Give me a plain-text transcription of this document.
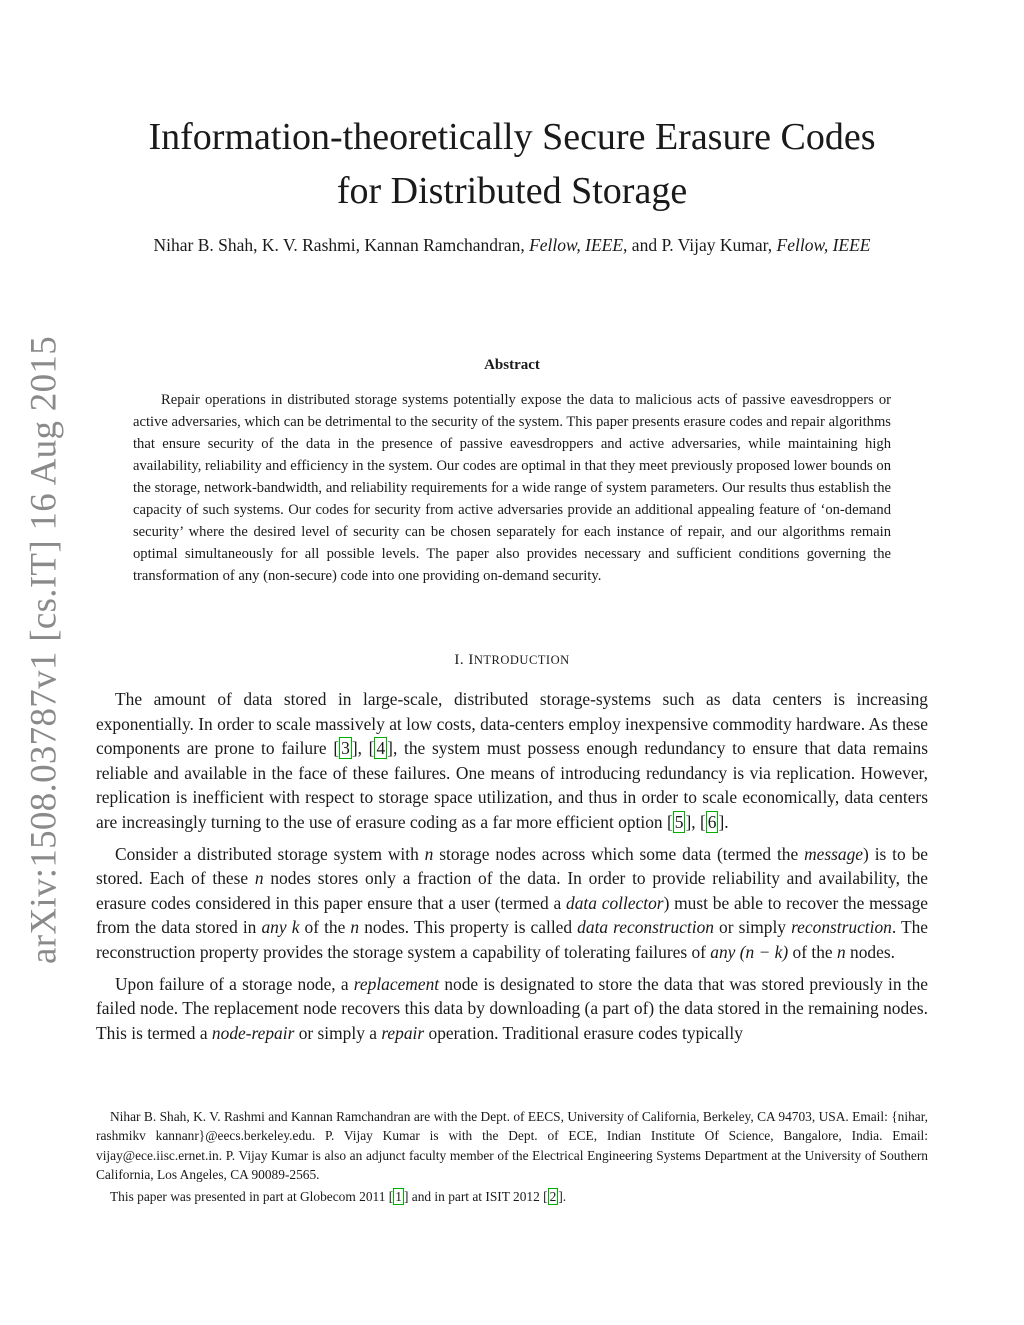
arXiv:1508.03787v1 [cs.IT] 16 Aug 2015
Information-theoretically Secure Erasure Codes
for Distributed Storage
Nihar B. Shah, K. V. Rashmi, Kannan Ramchandran, Fellow, IEEE, and P. Vijay Kumar, Fellow, IEEE
Abstract

Repair operations in distributed storage systems potentially expose the data to malicious acts of passive eavesdroppers or active adversaries, which can be detrimental to the security of the system. This paper presents erasure codes and repair algorithms that ensure security of the data in the presence of passive eavesdroppers and active adversaries, while maintaining high availability, reliability and efficiency in the system. Our codes are optimal in that they meet previously proposed lower bounds on the storage, network-bandwidth, and reliability requirements for a wide range of system parameters. Our results thus establish the capacity of such systems. Our codes for security from active adversaries provide an additional appealing feature of ‘on-demand security’ where the desired level of security can be chosen separately for each instance of repair, and our algorithms remain optimal simultaneously for all possible levels. The paper also provides necessary and sufficient conditions governing the transformation of any (non-secure) code into one providing on-demand security.

I. INTRODUCTION

The amount of data stored in large-scale, distributed storage-systems such as data centers is increasing exponentially. In order to scale massively at low costs, data-centers employ inexpensive commodity hardware. As these components are prone to failure [ 3 ], [ 4 ], the system must possess enough redundancy to ensure that data remains reliable and available in the face of these failures. One means of introducing redundancy is via replication. However, replication is inefficient with respect to storage space utilization, and thus in order to scale economically, data centers are increasingly turning to the use of erasure coding as a far more efficient option [ 5 ], [ 6 ].

Consider a distributed storage system with n storage nodes across which some data (termed the message) is to be stored. Each of these n nodes stores only a fraction of the data. In order to provide reliability and availability, the erasure codes considered in this paper ensure that a user (termed a data collector) must be able to recover the message from the data stored in any k of the n nodes. This property is called data reconstruction or simply reconstruction. The reconstruction property provides the storage system a capability of tolerating failures of any (n − k) of the n nodes.

Upon failure of a storage node, a replacement node is designated to store the data that was stored previously in the failed node. The replacement node recovers this data by downloading (a part of) the data stored in the remaining nodes. This is termed a node-repair or simply a repair operation. Traditional erasure codes typically

Nihar B. Shah, K. V. Rashmi and Kannan Ramchandran are with the Dept. of EECS, University of California, Berkeley, CA 94703, USA. Email: {nihar, rashmikv kannanr}@eecs.berkeley.edu. P. Vijay Kumar is with the Dept. of ECE, Indian Institute Of Science, Bangalore, India. Email: vijay@ece.iisc.ernet.in. P. Vijay Kumar is also an adjunct faculty member of the Electrical Engineering Systems Department at the University of Southern California, Los Angeles, CA 90089-2565.

This paper was presented in part at Globecom 2011 [ 1 ] and in part at ISIT 2012 [ 2 ].
